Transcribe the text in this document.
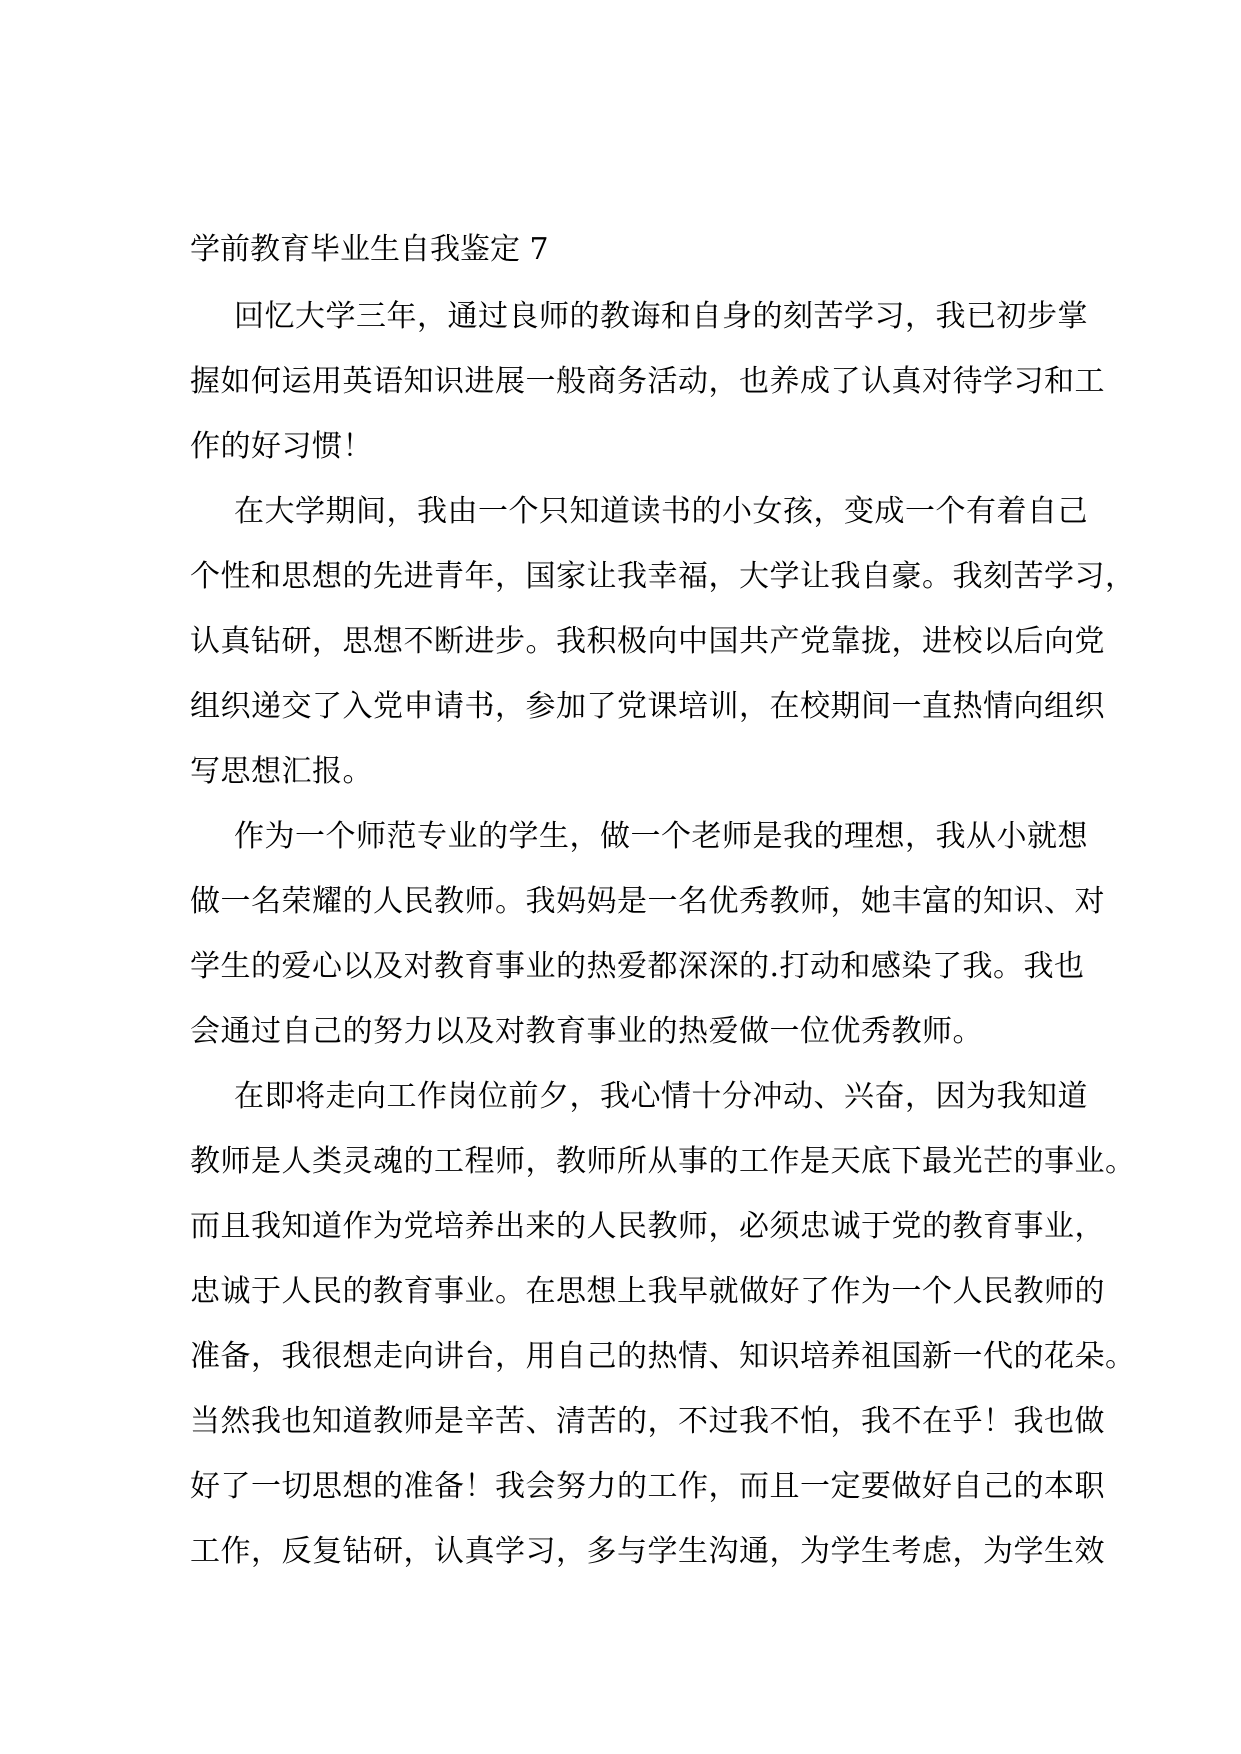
学前教育毕业生自我鉴定 7

回忆大学三年，通过良师的教诲和自身的刻苦学习，我已初步掌
握如何运用英语知识进展一般商务活动，也养成了认真对待学习和工
作的好习惯！

在大学期间，我由一个只知道读书的小女孩，变成一个有着自己
个性和思想的先进青年，国家让我幸福，大学让我自豪。我刻苦学习，
认真钻研，思想不断进步。我积极向中国共产党靠拢，进校以后向党
组织递交了入党申请书，参加了党课培训，在校期间一直热情向组织
写思想汇报。

作为一个师范专业的学生，做一个老师是我的理想，我从小就想
做一名荣耀的人民教师。我妈妈是一名优秀教师，她丰富的知识、对
学生的爱心以及对教育事业的热爱都深深的.打动和感染了我。我也
会通过自己的努力以及对教育事业的热爱做一位优秀教师。

在即将走向工作岗位前夕，我心情十分冲动、兴奋，因为我知道
教师是人类灵魂的工程师，教师所从事的工作是天底下最光芒的事业。
而且我知道作为党培养出来的人民教师，必须忠诚于党的教育事业，
忠诚于人民的教育事业。在思想上我早就做好了作为一个人民教师的
准备，我很想走向讲台，用自己的热情、知识培养祖国新一代的花朵。
当然我也知道教师是辛苦、清苦的，不过我不怕，我不在乎！我也做
好了一切思想的准备！我会努力的工作，而且一定要做好自己的本职
工作，反复钻研，认真学习，多与学生沟通，为学生考虑，为学生效
